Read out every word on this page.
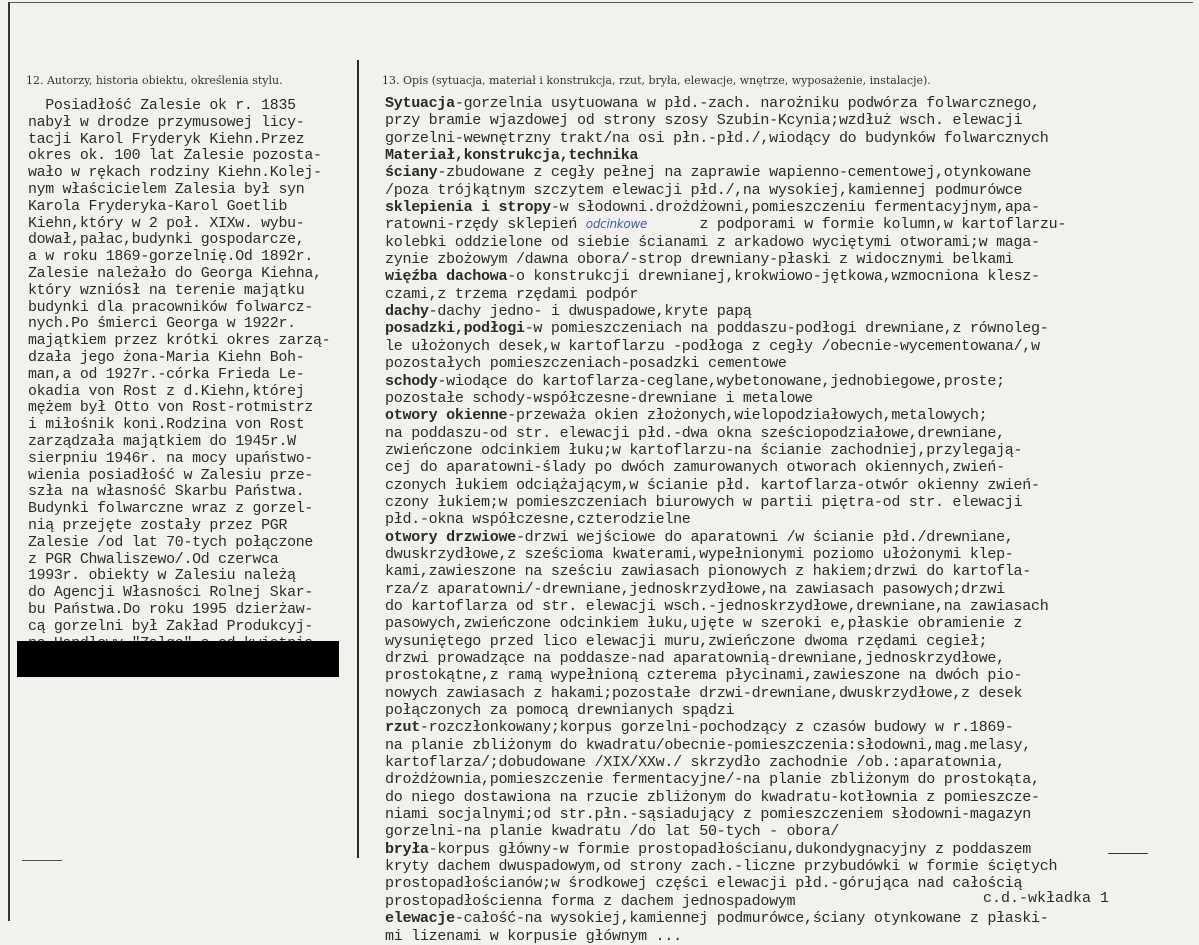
12. Autorzy, historia obiektu, określenia stylu.	13. Opis (sytuacja, materiał i konstrukcja, rzut, bryła, elewacje, wnętrze, wyposażenie, instalacje).
Posiadłość Zalesie ok r. 1835
nabył w drodze przymusowej licy-
tacji Karol Fryderyk Kiehn.Przez
okres ok. 100 lat Zalesie pozosta-
wało w rękach rodziny Kiehn.Kolej-
nym właścicielem Zalesia był syn
Karola Fryderyka-Karol Goetlib
Kiehn,który w 2 poł. XIXw. wybu-
dował,pałac,budynki gospodarcze,
a w roku 1869-gorzelnię.Od 1892r.
Zalesie należało do Georga Kiehna,
który wzniósł na terenie majątku
budynki dla pracowników folwarcz-
nych.Po śmierci Georga w 1922r.
majątkiem przez krótki okres zarzą-
dzała jego żona-Maria Kiehn Boh-
man,a od 1927r.-córka Frieda Le-
okadia von Rost z d.Kiehn,której
mężem był Otto von Rost-rotmistrz
i miłośnik koni.Rodzina von Rost
zarządzała majątkiem do 1945r.W
sierpniu 1946r. na mocy upaństwo-
wienia posiadłość w Zalesiu prze-
szła na własność Skarbu Państwa.
Budynki folwarczne wraz z gorzel-
nią przejęte zostały przez PGR
Zalesie /od lat 70-tych połączone
z PGR Chwaliszewo/.Od czerwca
1993r. obiekty w Zalesiu należą
do Agencji Własności Rolnej Skar-
bu Państwa.Do roku 1995 dzierżaw-
cą gorzelni był Zakład Produkcyj-
Sytuacja-gorzelnia usytuowana w płd.-zach. narożniku podwórza folwarcznego,
przy bramie wjazdowej od strony szosy Szubin-Kcynia;wzdłuż wsch. elewacji
gorzelni-wewnętrzny trakt/na osi płn.-płd./,wiodący do budynków folwarcznych
Materiał,konstrukcja,technika
ściany-zbudowane z cegły pełnej na zaprawie wapienno-cementowej,otynkowane
/poza trójkątnym szczytem elewacji płd./,na wysokiej,kamiennej podmurówce
sklepienia i stropy-w słodowni.drożdżowni,pomieszczeniu fermentacyjnym,apa-
ratowni-rzędy sklepień odcinkowe      z podporami w formie kolumn,w kartoflarzu-
kolebki oddzielone od siebie ścianami z arkadowo wyciętymi otworami;w maga-
zynie zbożowym /dawna obora/-strop drewniany-płaski z widocznymi belkami
więźba dachowa-o konstrukcji drewnianej,krokwiowo-jętkowa,wzmocniona klesz-
czami,z trzema rzędami podpór
dachy-dachy jedno- i dwuspadowe,kryte papą
posadzki,podłogi-w pomieszczeniach na poddaszu-podłogi drewniane,z równoleg-
le ułożonych desek,w kartoflarzu -podłoga z cegły /obecnie-wycementowana/,w
pozostałych pomieszczeniach-posadzki cementowe
schody-wiodące do kartoflarza-ceglane,wybetonowane,jednobiegowe,proste;
pozostałe schody-współczesne-drewniane i metalowe
otwory okienne-przeważa okien złożonych,wielopodziałowych,metalowych;
na poddaszu-od str. elewacji płd.-dwa okna sześciopodziałowe,drewniane,
zwieńczone odcinkiem łuku;w kartoflarzu-na ścianie zachodniej,przylegają-
cej do aparatowni-ślady po dwóch zamurowanych otworach okiennych,zwień-
czonych łukiem odciążającym,w ścianie płd. kartoflarza-otwór okienny zwień-
czony łukiem;w pomieszczeniach biurowych w partii piętra-od str. elewacji
płd.-okna współczesne,czterodzielne
otwory drzwiowe-drzwi wejściowe do aparatowni /w ścianie płd./drewniane,
dwuskrzydłowe,z sześcioma kwaterami,wypełnionymi poziomo ułożonymi klep-
kami,zawieszone na sześciu zawiasach pionowych z hakiem;drzwi do kartofla-
rza/z aparatowni/-drewniane,jednoskrzydłowe,na zawiasach pasowych;drzwi
do kartoflarza od str. elewacji wsch.-jednoskrzydłowe,drewniane,na zawiasach
pasowych,zwieńczone odcinkiem łuku,ujęte w szeroki e,płaskie obramienie z
wysuniętego przed lico elewacji muru,zwieńczone dwoma rzędami cegieł;
drzwi prowadzące na poddasze-nad aparatownią-drewniane,jednoskrzydłowe,
prostokątne,z ramą wypełnioną czterema płycinami,zawieszone na dwóch pio-
nowych zawiasach z hakami;pozostałe drzwi-drewniane,dwuskrzydłowe,z desek
połączonych za pomocą drewnianych spądzi
rzut-rozczłonkowany;korpus gorzelni-pochodzący z czasów budowy w r.1869-
na planie zbliżonym do kwadratu/obecnie-pomieszczenia:słodowni,mag.melasy,
kartoflarza/;dobudowane /XIX/XXw./ skrzydło zachodnie /ob.:aparatownia,
drożdżownia,pomieszczenie fermentacyjne/-na planie zbliżonym do prostokąta,
do niego dostawiona na rzucie zbliżonym do kwadratu-kotłownia z pomieszcze-
niami socjalnymi;od str.płn.-sąsiadujący z pomieszczeniem słodowni-magazyn
gorzelni-na planie kwadratu /do lat 50-tych - obora/
bryła-korpus główny-w formie prostopadłościanu,dukondygnacyjny z poddaszem
kryty dachem dwuspadowym,od strony zach.-liczne przybudówki w formie ściętych
prostopadłościanów;w środkowej części elewacji płd.-górująca nad całością
prostopadłościenna forma z dachem jednospadowym
elewacje-całość-na wysokiej,kamiennej podmurówce,ściany otynkowane z płaski-
mi lizenami w korpusie głównym ...
c.d.-wkładka 1
